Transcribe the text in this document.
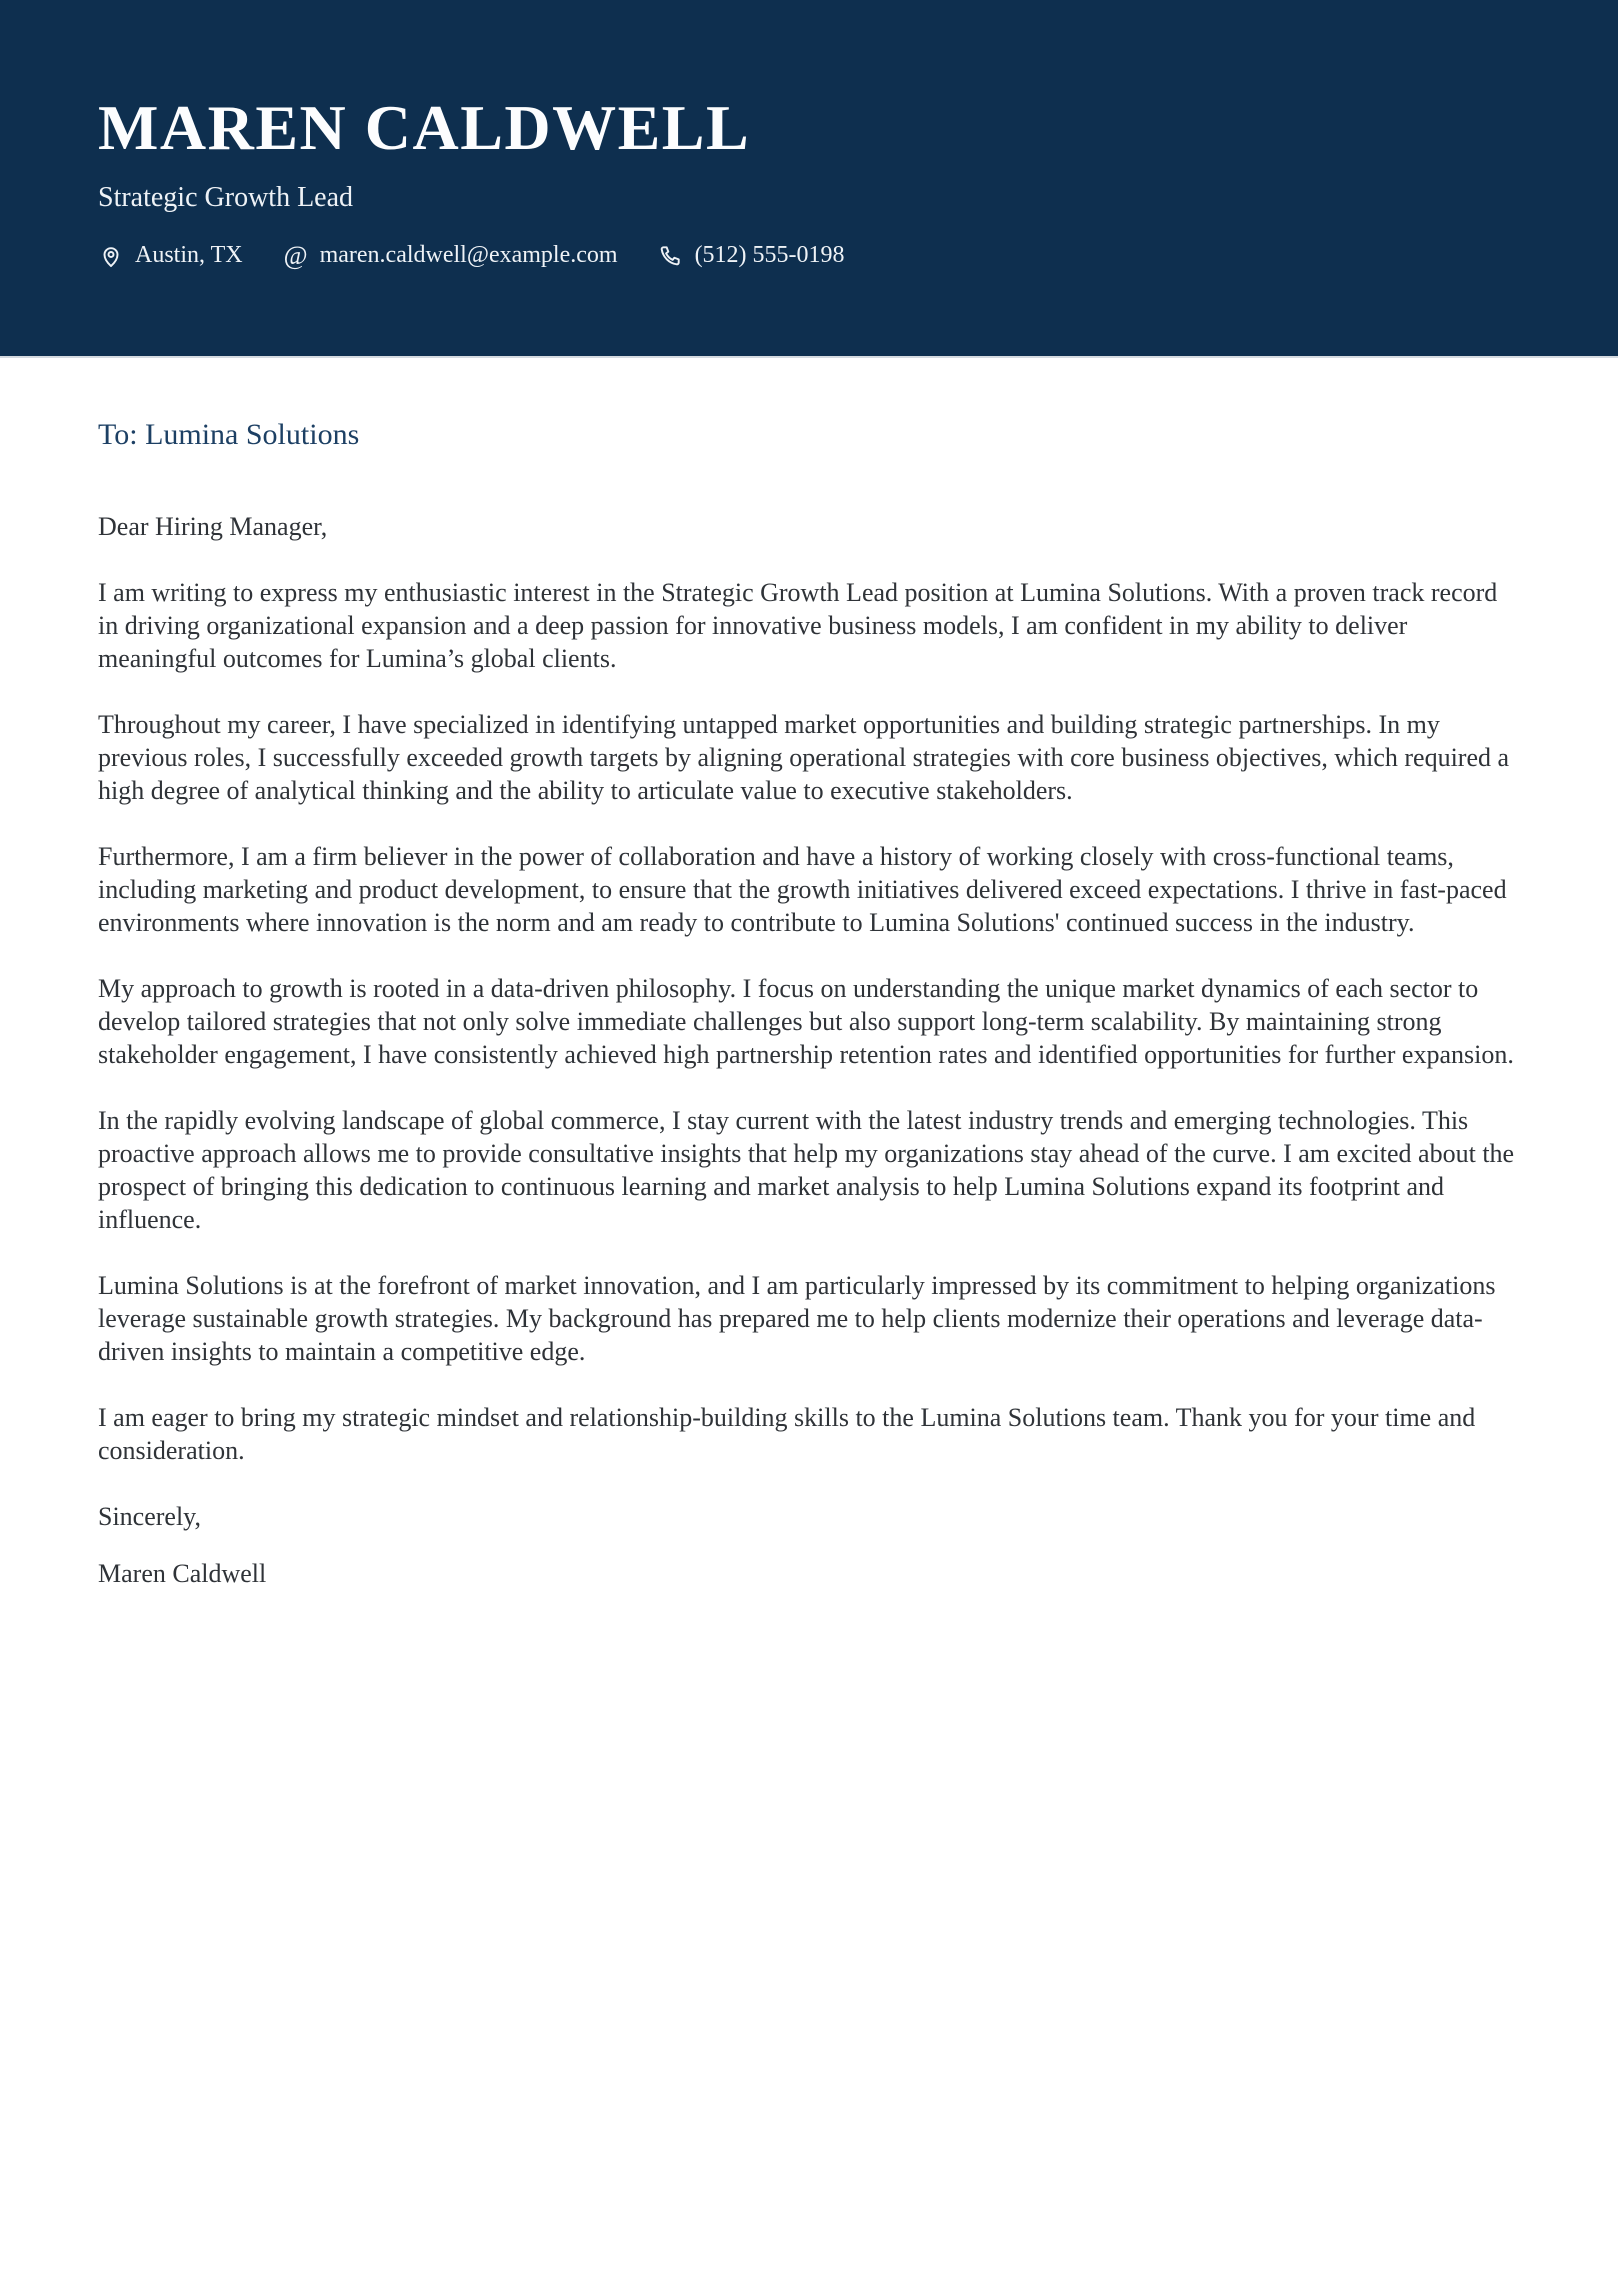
MAREN CALDWELL
Strategic Growth Lead
Austin, TX @ maren.caldwell@example.com	(512) 555-0198
To: Lumina Solutions

Dear Hiring Manager,

I am writing to express my enthusiastic interest in the Strategic Growth Lead position at Lumina Solutions. With a proven track record in driving organizational expansion and a deep passion for innovative business models, I am confident in my ability to deliver meaningful outcomes for Lumina’s global clients.

Throughout my career, I have specialized in identifying untapped market opportunities and building strategic partnerships. In my previous roles, I successfully exceeded growth targets by aligning operational strategies with core business objectives, which required a high degree of analytical thinking and the ability to articulate value to executive stakeholders.

Furthermore, I am a firm believer in the power of collaboration and have a history of working closely with cross-functional teams, including marketing and product development, to ensure that the growth initiatives delivered exceed expectations. I thrive in fast-paced environments where innovation is the norm and am ready to contribute to Lumina Solutions' continued success in the industry.

My approach to growth is rooted in a data-driven philosophy. I focus on understanding the unique market dynamics of each sector to develop tailored strategies that not only solve immediate challenges but also support long-term scalability. By maintaining strong stakeholder engagement, I have consistently achieved high partnership retention rates and identified opportunities for further expansion.

In the rapidly evolving landscape of global commerce, I stay current with the latest industry trends and emerging technologies. This proactive approach allows me to provide consultative insights that help my organizations stay ahead of the curve. I am excited about the prospect of bringing this dedication to continuous learning and market analysis to help Lumina Solutions expand its footprint and influence.

Lumina Solutions is at the forefront of market innovation, and I am particularly impressed by its commitment to helping organizations leverage sustainable growth strategies. My background has prepared me to help clients modernize their operations and leverage data-driven insights to maintain a competitive edge.

I am eager to bring my strategic mindset and relationship-building skills to the Lumina Solutions team. Thank you for your time and consideration.

Sincerely,

Maren Caldwell
